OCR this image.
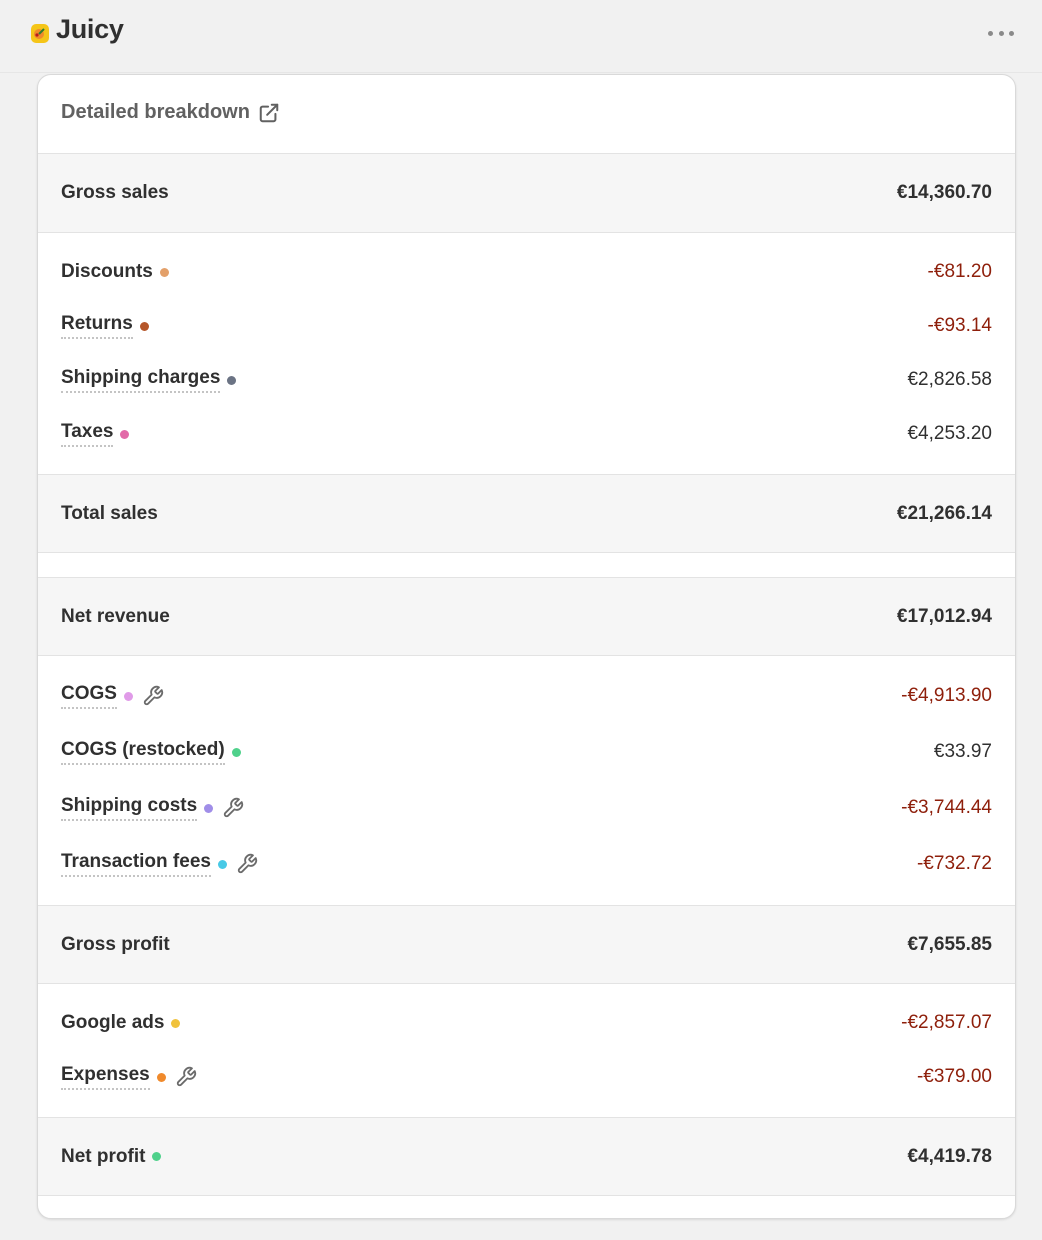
Juicy
Detailed breakdown
Gross sales	€14,360.70
Discounts	-€81.20
Returns	-€93.14
Shipping charges	€2,826.58
Taxes	€4,253.20
Total sales	€21,266.14
Net revenue	€17,012.94
COGS	-€4,913.90
COGS (restocked)	€33.97
Shipping costs	-€3,744.44
Transaction fees	-€732.72
Gross profit	€7,655.85
Google ads	-€2,857.07
Expenses	-€379.00
Net profit	€4,419.78
